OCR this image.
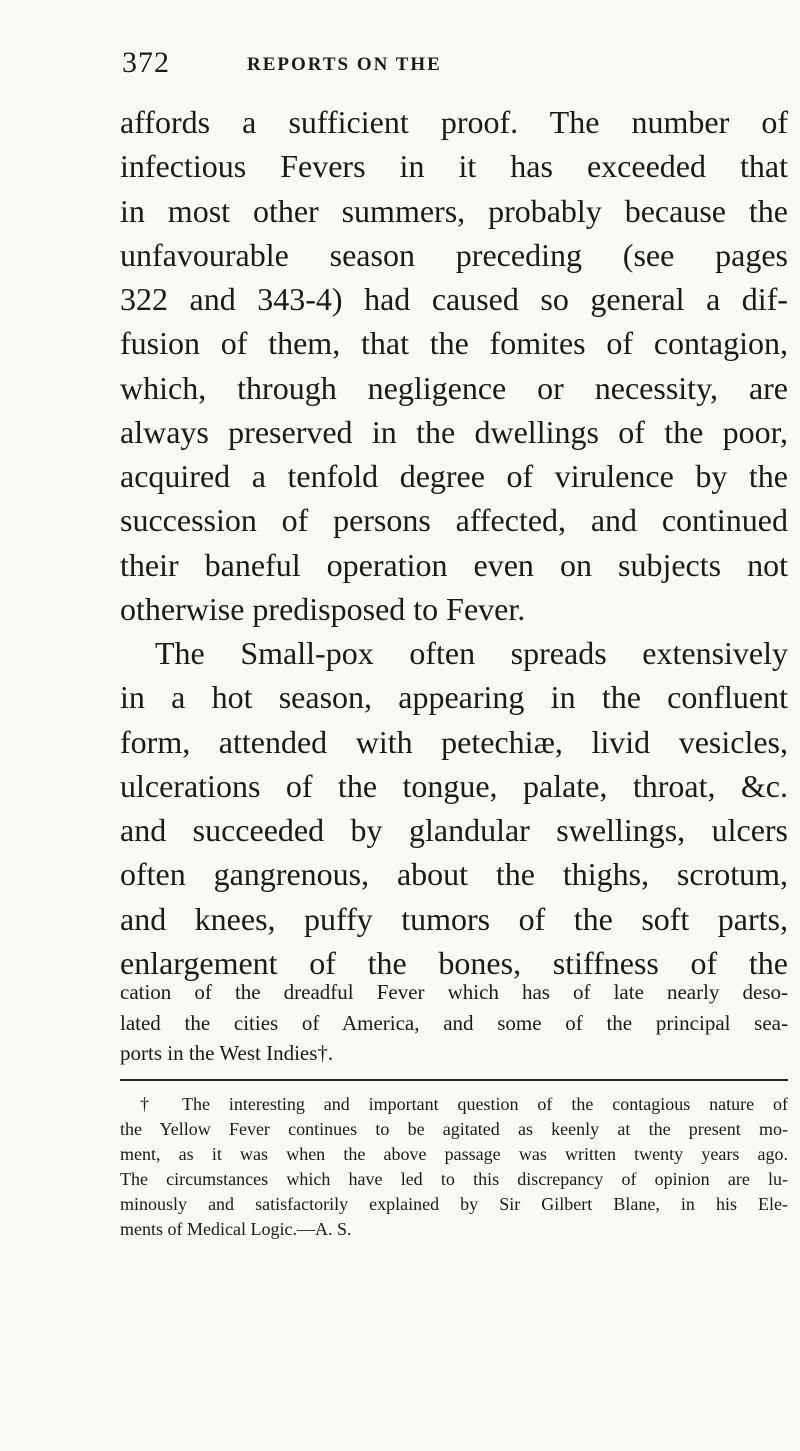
372	REPORTS ON THE
affords a sufficient proof. The number of
infectious Fevers in it has exceeded that
in most other summers, probably because the
unfavourable season preceding (see pages
322 and 343-4) had caused so general a dif-
fusion of them, that the fomites of contagion,
which, through negligence or necessity, are
always preserved in the dwellings of the poor,
acquired a tenfold degree of virulence by the
succession of persons affected, and continued
their baneful operation even on subjects not
otherwise predisposed to Fever.
The Small-pox often spreads extensively
in a hot season, appearing in the confluent
form, attended with petechiæ, livid vesicles,
ulcerations of the tongue, palate, throat, &c.
and succeeded by glandular swellings, ulcers
often gangrenous, about the thighs, scrotum,
and knees, puffy tumors of the soft parts,
enlargement of the bones, stiffness of the
cation of the dreadful Fever which has of late nearly deso-
lated the cities of America, and some of the principal sea-
ports in the West Indies†.
† The interesting and important question of the contagious nature of
the Yellow Fever continues to be agitated as keenly at the present mo-
ment, as it was when the above passage was written twenty years ago.
The circumstances which have led to this discrepancy of opinion are lu-
minously and satisfactorily explained by Sir Gilbert Blane, in his Ele-
ments of Medical Logic.—A. S.
